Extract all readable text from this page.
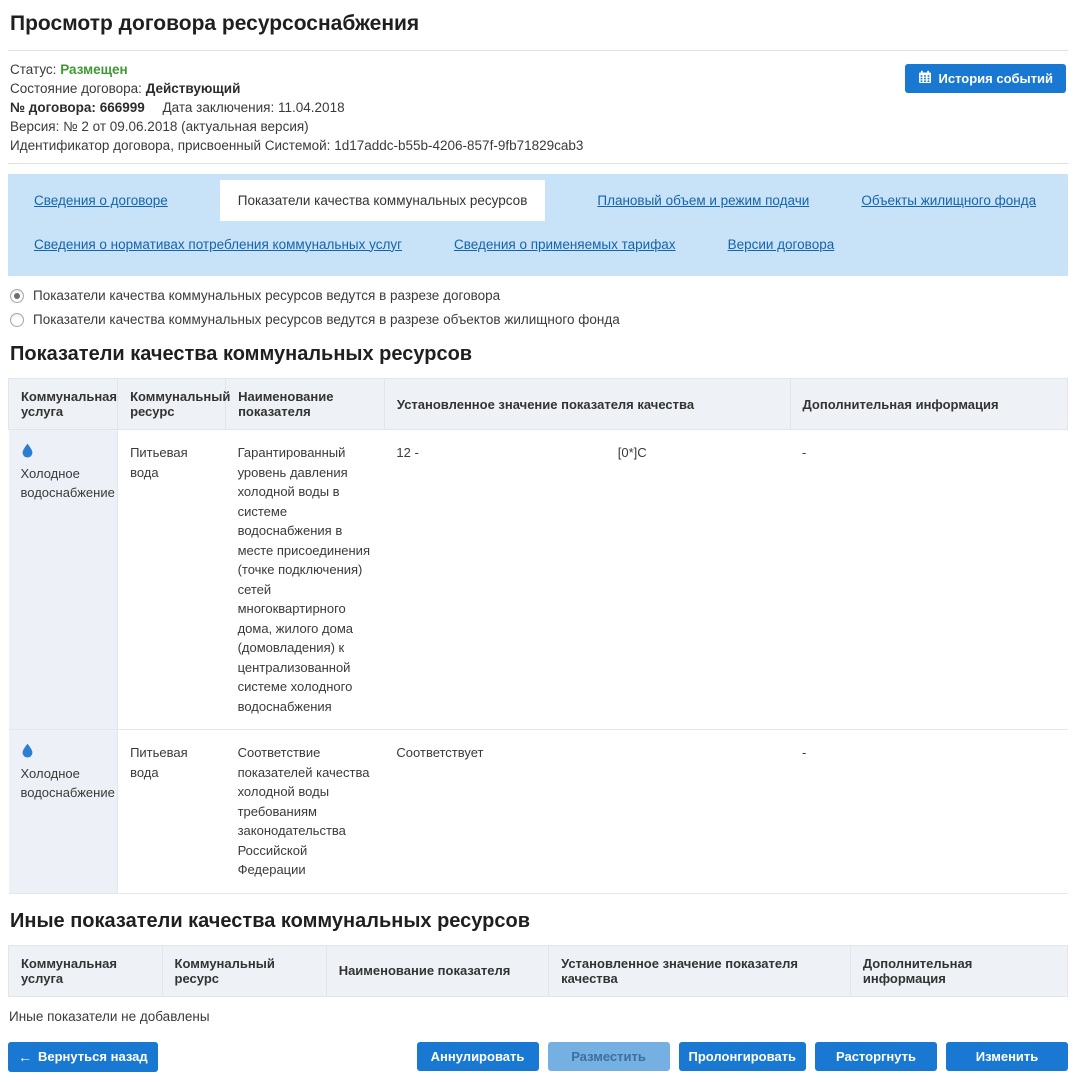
Просмотр договора ресурсоснабжения
Статус: Размещен
Состояние договора: Действующий
№ договора: 666999 Дата заключения: 11.04.2018
Версия: № 2 от 09.06.2018 (актуальная версия)
Идентификатор договора, присвоенный Системой: 1d17addc-b55b-4206-857f-9fb71829cab3
История событий
Сведения о договоре	Показатели качества коммунальных ресурсов	Плановый объем и режим подачи	Объекты жилищного фонда
Сведения о нормативах потребления коммунальных услуг	Сведения о применяемых тарифах	Версии договора
Показатели качества коммунальных ресурсов ведутся в разрезе договора
Показатели качества коммунальных ресурсов ведутся в разрезе объектов жилищного фонда
Показатели качества коммунальных ресурсов
Коммунальная услуга	Коммунальный ресурс	Наименование показателя	Установленное значение показателя качества	Дополнительная информация

Холодное водоснабжение	Питьевая вода	Гарантированный уровень давления холодной воды в системе водоснабжения в месте присоединения (точке подключения) сетей многоквартирного дома, жилого дома (домовладения) к централизованной системе холодного водоснабжения	12 - [0*]C	-

Холодное водоснабжение	Питьевая вода	Соответствие показателей качества холодной воды требованиям законодательства Российской Федерации	Соответствует	-
Иные показатели качества коммунальных ресурсов
Коммунальная услуга	Коммунальный ресурс	Наименование показателя	Установленное значение показателя качества	Дополнительная информация
Иные показатели не добавлены
← Вернуться назад	Аннулировать	Разместить	Пролонгировать	Расторгнуть	Изменить
